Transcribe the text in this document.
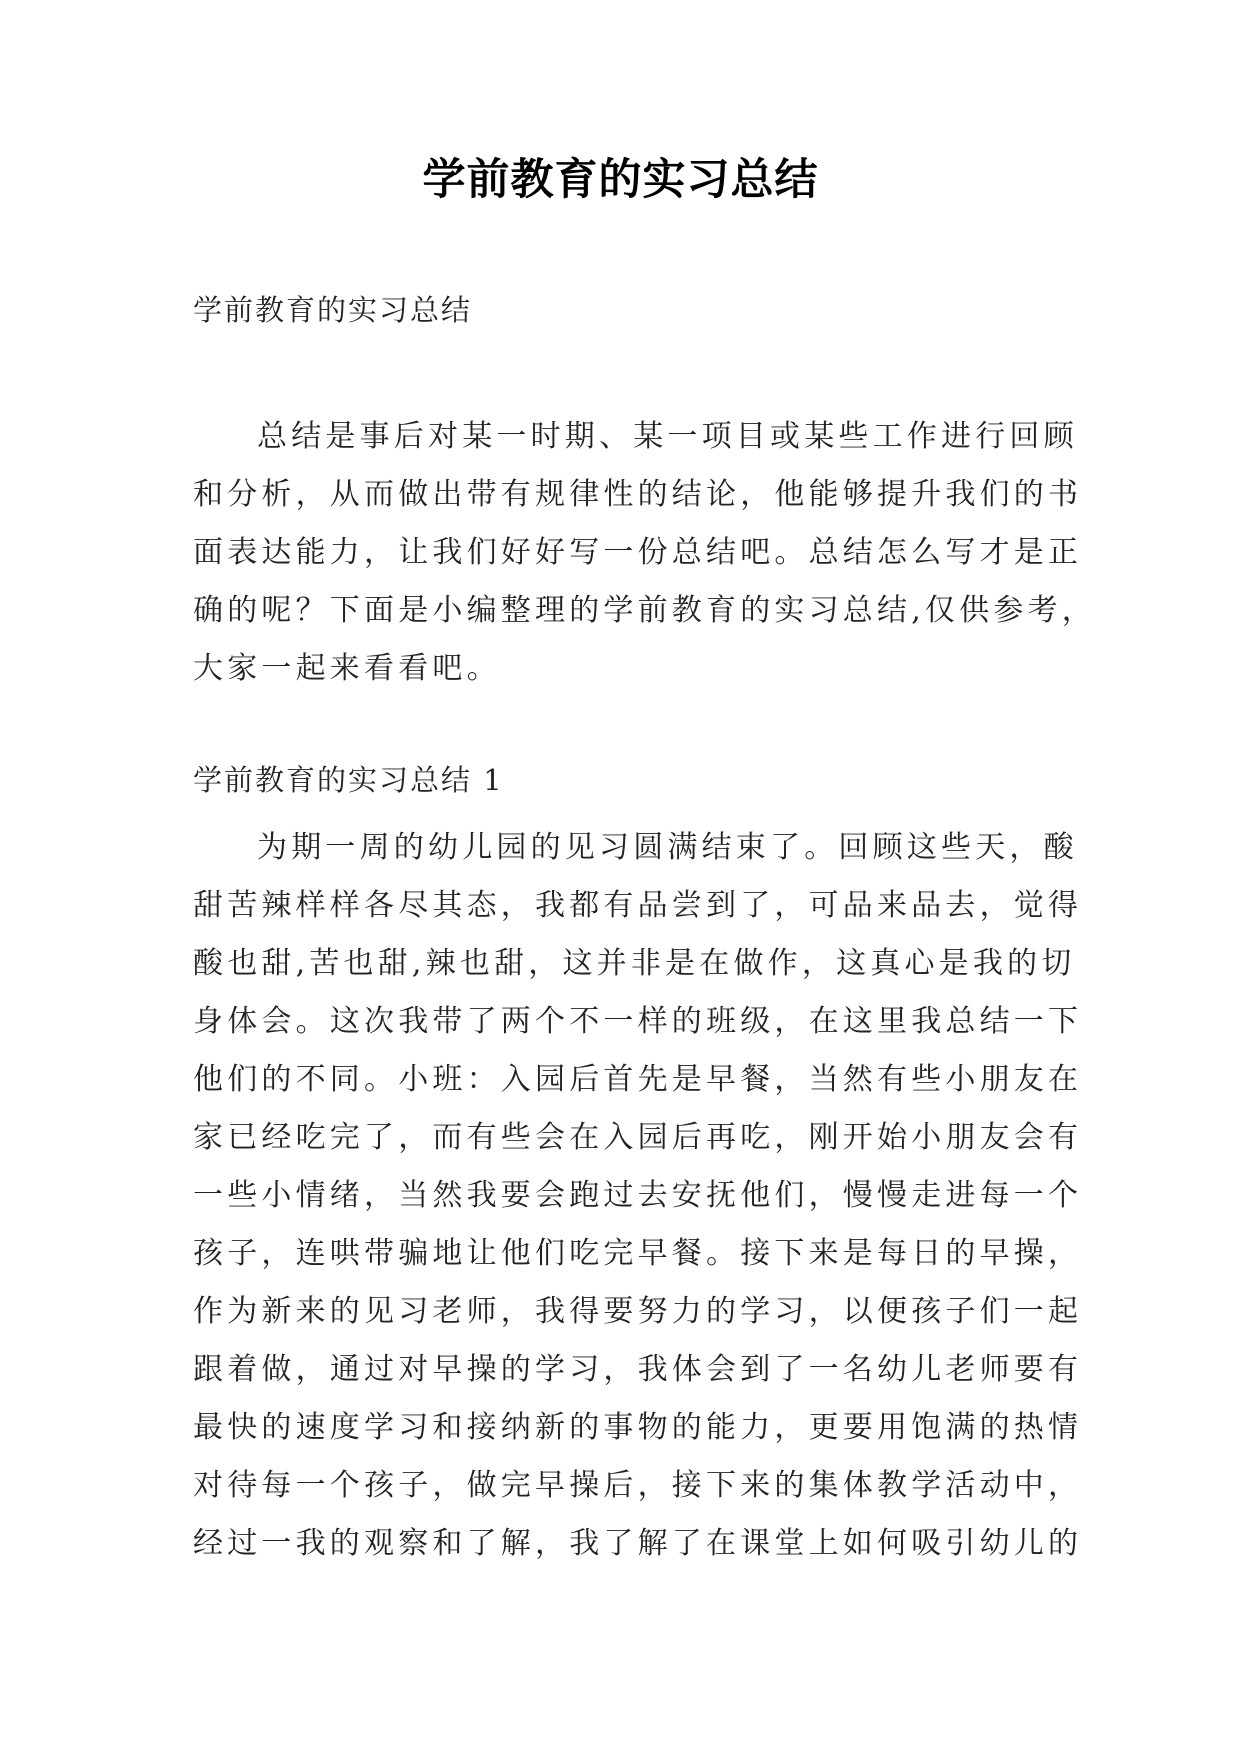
学前教育的实习总结

学前教育的实习总结

总结是事后对某一时期、某一项目或某些工作进行回顾
和分析，从而做出带有规律性的结论，他能够提升我们的书
面表达能力，让我们好好写一份总结吧。总结怎么写才是正
确的呢？下面是小编整理的学前教育的实习总结,仅供参考，
大家一起来看看吧。

学前教育的实习总结 1

为期一周的幼儿园的见习圆满结束了。回顾这些天，酸
甜苦辣样样各尽其态，我都有品尝到了，可品来品去，觉得
酸也甜,苦也甜,辣也甜，这并非是在做作，这真心是我的切
身体会。这次我带了两个不一样的班级，在这里我总结一下
他们的不同。小班：入园后首先是早餐，当然有些小朋友在
家已经吃完了，而有些会在入园后再吃，刚开始小朋友会有
一些小情绪，当然我要会跑过去安抚他们，慢慢走进每一个
孩子，连哄带骗地让他们吃完早餐。接下来是每日的早操，
作为新来的见习老师，我得要努力的学习，以便孩子们一起
跟着做，通过对早操的学习，我体会到了一名幼儿老师要有
最快的速度学习和接纳新的事物的能力，更要用饱满的热情
对待每一个孩子，做完早操后，接下来的集体教学活动中，
经过一我的观察和了解，我了解了在课堂上如何吸引幼儿的
